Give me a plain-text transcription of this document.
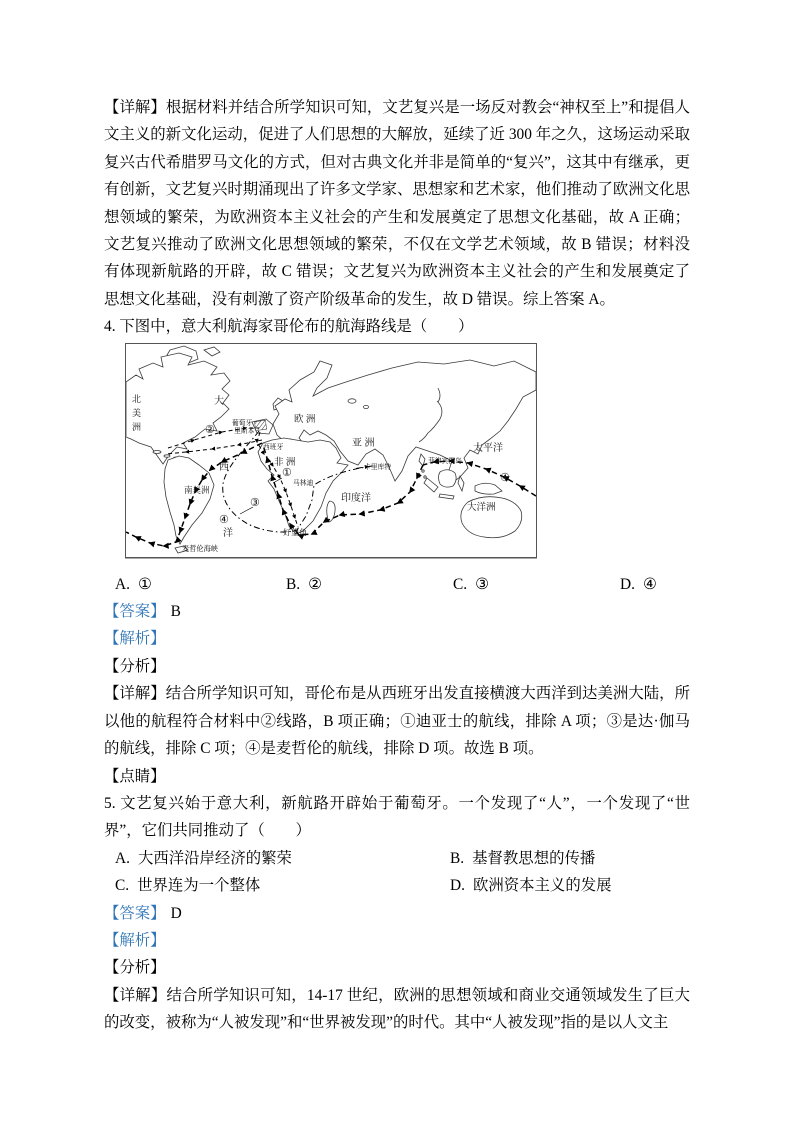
【详解】根据材料并结合所学知识可知，文艺复兴是一场反对教会“神权至上”和提倡人文主义的新文化运动，促进了人们思想的大解放，延续了近 300 年之久，这场运动采取复兴古代希腊罗马文化的方式，但对古典文化并非是简单的“复兴”，这其中有继承，更有创新，文艺复兴时期涌现出了许多文学家、思想家和艺术家，他们推动了欧洲文化思想领域的繁荣，为欧洲资本主义社会的产生和发展奠定了思想文化基础，故 A 正确；文艺复兴推动了欧洲文化思想领域的繁荣，不仅在文学艺术领域，故 B 错误；材料没有体现新航路的开辟，故 C 错误；文艺复兴为欧洲资本主义社会的产生和发展奠定了思想文化基础，没有刺激了资产阶级革命的发生，故 D 错误。综上答案 A。

4. 下图中，意大利航海家哥伦布的航海路线是（　　）

北美洲
大
西
洋
欧 洲
亚 洲	太平洋
非 洲
印度洋
大洋洲
南美洲
葡萄牙
里斯本
西班牙
马林迪
卡里库特
菲律宾群岛
好望角
麦哲伦海峡
②
①
③
④
④
A. ①	B. ②	C. ③	D. ④

【答案】 B

【解析】

【分析】

【详解】结合所学知识可知，哥伦布是从西班牙出发直接横渡大西洋到达美洲大陆，所以他的航程符合材料中②线路，B 项正确；①迪亚士的航线，排除 A 项；③是达·伽马的航线，排除 C 项；④是麦哲伦的航线，排除 D 项。故选 B 项。

【点睛】

5. 文艺复兴始于意大利，新航路开辟始于葡萄牙。一个发现了“人”，一个发现了“世界”，它们共同推动了（　　）

A. 大西洋沿岸经济的繁荣	B. 基督教思想的传播
C. 世界连为一个整体	D. 欧洲资本主义的发展

【答案】 D

【解析】

【分析】

【详解】结合所学知识可知，14-17 世纪，欧洲的思想领域和商业交通领域发生了巨大的改变，被称为“人被发现”和“世界被发现”的时代。其中“人被发现”指的是以人文主
